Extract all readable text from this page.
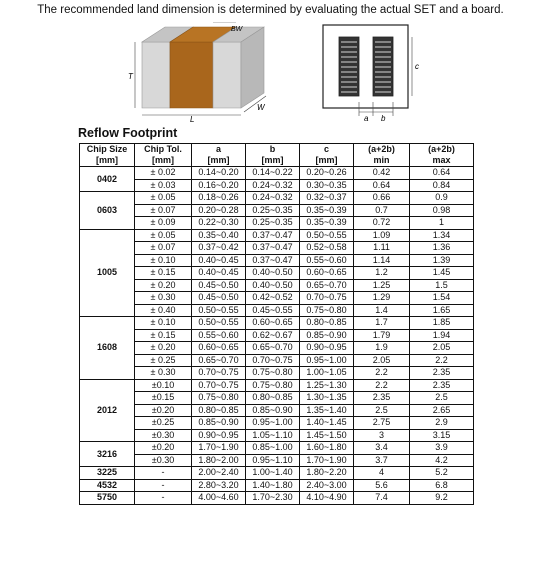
The recommended land dimension is determined by evaluating the actual SET and a board.
T
L
W
BW
a b
c
Reflow Footprint
Chip Size	Chip Tol.	a	b	c	(a+2b)	(a+2b)
[mm]	[mm]	[mm]	[mm]	[mm]	min	max
0402	± 0.02	0.14~0.20	0.14~0.22	0.20~0.26	0.42	0.64
	± 0.03	0.16~0.20	0.24~0.32	0.30~0.35	0.64	0.84
0603	± 0.05	0.18~0.26	0.24~0.32	0.32~0.37	0.66	0.9
	± 0.07	0.20~0.28	0.25~0.35	0.35~0.39	0.7	0.98
	± 0.09	0.22~0.30	0.25~0.35	0.35~0.39	0.72	1
1005	± 0.05	0.35~0.40	0.37~0.47	0.50~0.55	1.09	1.34
	± 0.07	0.37~0.42	0.37~0.47	0.52~0.58	1.11	1.36
	± 0.10	0.40~0.45	0.37~0.47	0.55~0.60	1.14	1.39
	± 0.15	0.40~0.45	0.40~0.50	0.60~0.65	1.2	1.45
	± 0.20	0.45~0.50	0.40~0.50	0.65~0.70	1.25	1.5
	± 0.30	0.45~0.50	0.42~0.52	0.70~0.75	1.29	1.54
	± 0.40	0.50~0.55	0.45~0.55	0.75~0.80	1.4	1.65
1608	± 0.10	0.50~0.55	0.60~0.65	0.80~0.85	1.7	1.85
	± 0.15	0.55~0.60	0.62~0.67	0.85~0.90	1.79	1.94
	± 0.20	0.60~0.65	0.65~0.70	0.90~0.95	1.9	2.05
	± 0.25	0.65~0.70	0.70~0.75	0.95~1.00	2.05	2.2
	± 0.30	0.70~0.75	0.75~0.80	1.00~1.05	2.2	2.35
2012	±0.10	0.70~0.75	0.75~0.80	1.25~1.30	2.2	2.35
	±0.15	0.75~0.80	0.80~0.85	1.30~1.35	2.35	2.5
	±0.20	0.80~0.85	0.85~0.90	1.35~1.40	2.5	2.65
	±0.25	0.85~0.90	0.95~1.00	1.40~1.45	2.75	2.9
	±0.30	0.90~0.95	1.05~1.10	1.45~1.50	3	3.15
3216	±0.20	1.70~1.90	0.85~1.00	1.60~1.80	3.4	3.9
	±0.30	1.80~2.00	0.95~1.10	1.70~1.90	3.7	4.2
3225	-	2.00~2.40	1.00~1.40	1.80~2.20	4	5.2
4532	-	2.80~3.20	1.40~1.80	2.40~3.00	5.6	6.8
5750	-	4.00~4.60	1.70~2.30	4.10~4.90	7.4	9.2
